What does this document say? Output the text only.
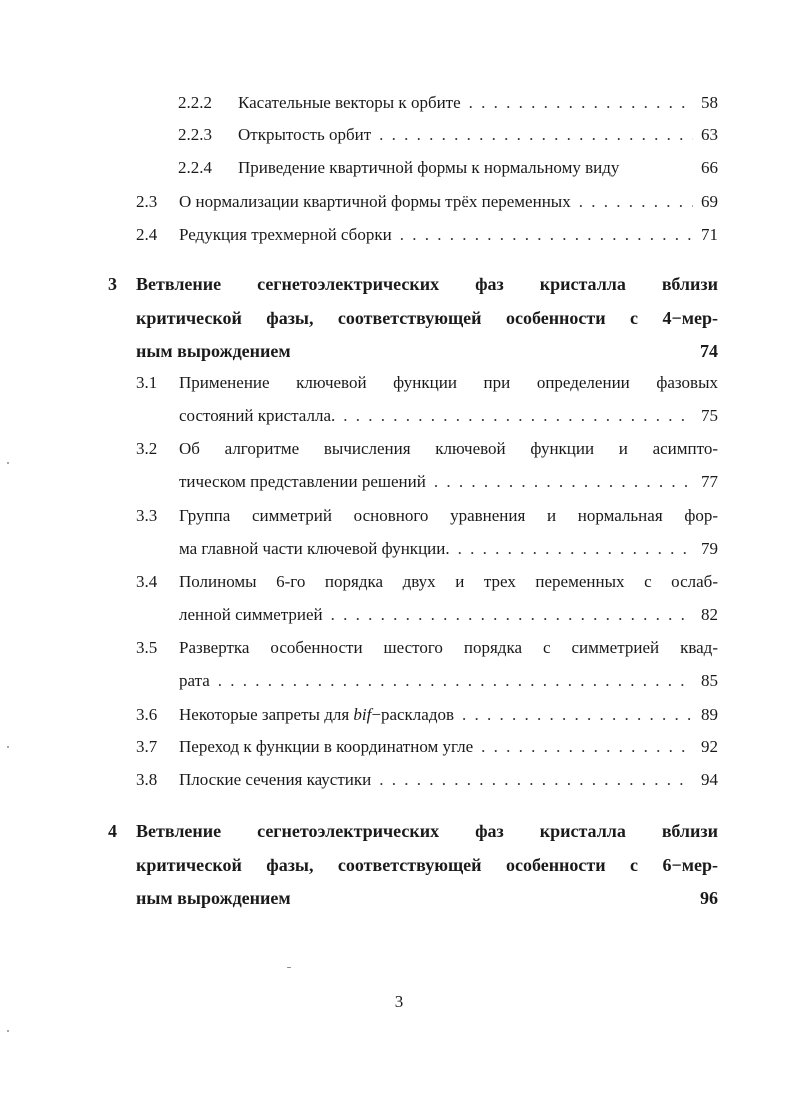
2.2.2 Касательные векторы к орбите . . .	58
2.2.3 Открытость орбит . . .	63
2.2.4 Приведение квартичной формы к нормальному виду	66
2.3 О нормализации квартичной формы трёх переменных . . .	69
2.4 Редукция трехмерной сборки . . .	71
3 Ветвление сегнетоэлектрических фаз кристалла вблизи
критической фазы, соответствующей особенности с 4−мер-
ным вырождением	74
3.1 Применение ключевой функции при определении фазовых
состояний кристалла. . . .	75
3.2 Об алгоритме вычисления ключевой функции и асимпто-
тическом представлении решений . . .	77
3.3 Группа симметрий основного уравнения и нормальная фор-
ма главной части ключевой функции. . . .	79
3.4 Полиномы 6-го порядка двух и трех переменных с ослаб-
ленной симметрией . . .	82
3.5 Развертка особенности шестого порядка с симметрией квад-
рата . . .	85
3.6 Некоторые запреты для bif−раскладов . . .	89
3.7 Переход к функции в координатном угле . . .	92
3.8 Плоские сечения каустики . . .	94
4 Ветвление сегнетоэлектрических фаз кристалла вблизи
критической фазы, соответствующей особенности с 6−мер-
ным вырождением	96
3
